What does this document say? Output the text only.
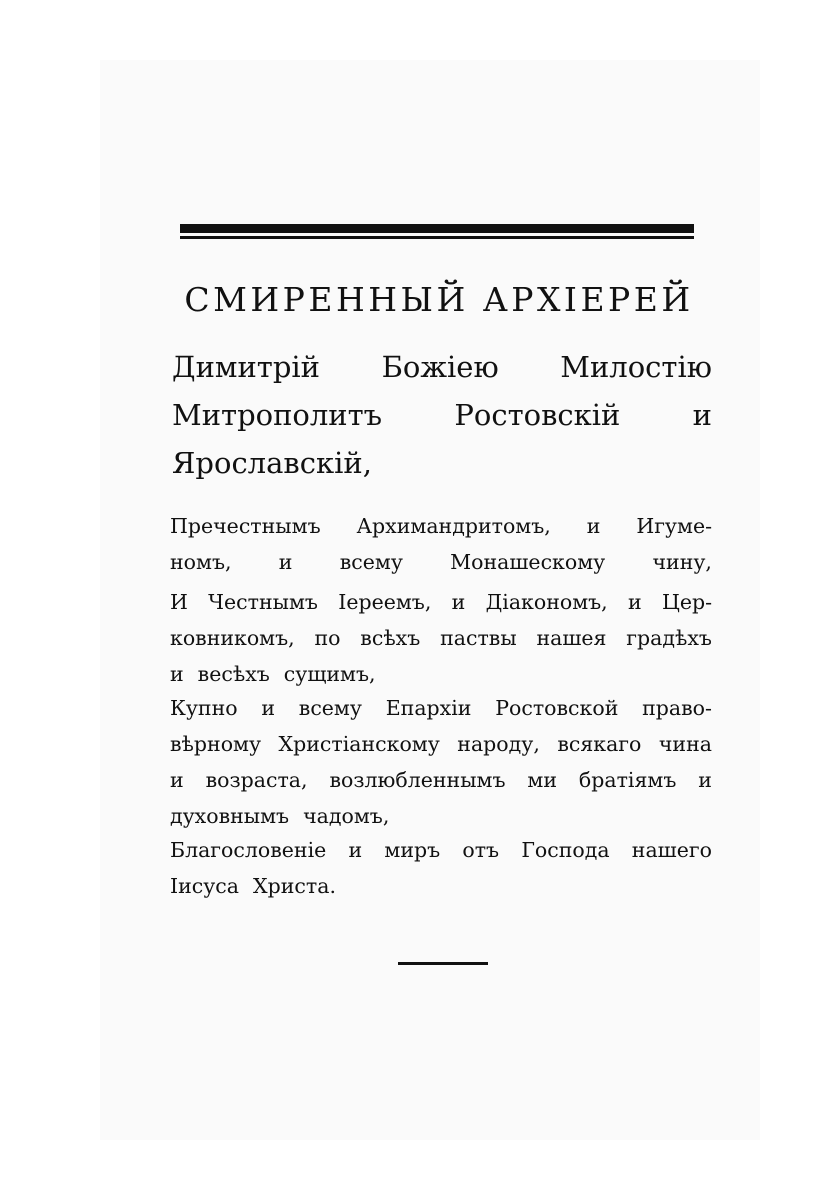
СМИРЕННЫЙ АРХІЕРЕЙ
Димитрій Божіею Милостію
Митрополитъ Ростовскій и
Ярославскій,
Пречестнымъ Архимандритомъ, и Игуме-
номъ, и всему Монашескому чину,
И Честнымъ Іереемъ, и Діакономъ, и Цер-
ковникомъ, по всѣхъ паствы нашея градѣхъ
и весѣхъ сущимъ,
Купно и всему Епархіи Ростовской право-
вѣрному Христіанскому народу, всякаго чина
и возраста, возлюбленнымъ ми братіямъ и
духовнымъ чадомъ,
Благословеніе и миръ отъ Господа нашего
Іисуса Христа.
